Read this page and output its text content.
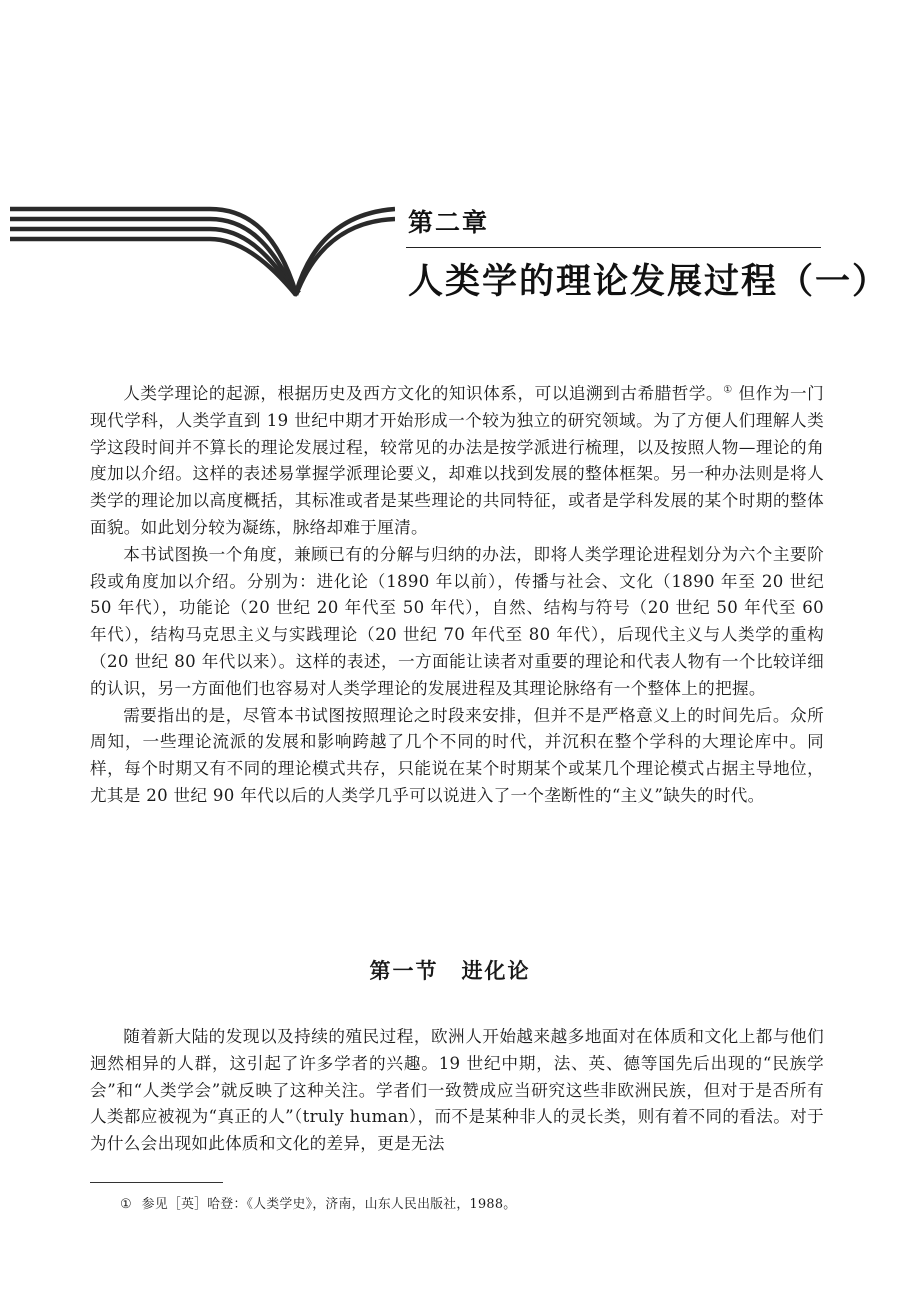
第二章
人类学的理论发展过程（一）

人类学理论的起源，根据历史及西方文化的知识体系，可以追溯到古希腊哲学。① 但作为一门现代学科，人类学直到 19 世纪中期才开始形成一个较为独立的研究领域。为了方便人们理解人类学这段时间并不算长的理论发展过程，较常见的办法是按学派进行梳理，以及按照人物—理论的角度加以介绍。这样的表述易掌握学派理论要义，却难以找到发展的整体框架。另一种办法则是将人类学的理论加以高度概括，其标准或者是某些理论的共同特征，或者是学科发展的某个时期的整体面貌。如此划分较为凝练，脉络却难于厘清。

本书试图换一个角度，兼顾已有的分解与归纳的办法，即将人类学理论进程划分为六个主要阶段或角度加以介绍。分别为：进化论（1890 年以前），传播与社会、文化（1890 年至 20 世纪 50 年代），功能论（20 世纪 20 年代至 50 年代），自然、结构与符号（20 世纪 50 年代至 60 年代），结构马克思主义与实践理论（20 世纪 70 年代至 80 年代），后现代主义与人类学的重构（20 世纪 80 年代以来）。这样的表述，一方面能让读者对重要的理论和代表人物有一个比较详细的认识，另一方面他们也容易对人类学理论的发展进程及其理论脉络有一个整体上的把握。

需要指出的是，尽管本书试图按照理论之时段来安排，但并不是严格意义上的时间先后。众所周知，一些理论流派的发展和影响跨越了几个不同的时代，并沉积在整个学科的大理论库中。同样，每个时期又有不同的理论模式共存，只能说在某个时期某个或某几个理论模式占据主导地位，尤其是 20 世纪 90 年代以后的人类学几乎可以说进入了一个垄断性的“主义”缺失的时代。

第一节　进化论

随着新大陆的发现以及持续的殖民过程，欧洲人开始越来越多地面对在体质和文化上都与他们迥然相异的人群，这引起了许多学者的兴趣。19 世纪中期，法、英、德等国先后出现的“民族学会”和“人类学会”就反映了这种关注。学者们一致赞成应当研究这些非欧洲民族，但对于是否所有人类都应被视为“真正的人”（truly human），而不是某种非人的灵长类，则有着不同的看法。对于为什么会出现如此体质和文化的差异，更是无法

① 参见［英］哈登：《人类学史》，济南，山东人民出版社，1988。
